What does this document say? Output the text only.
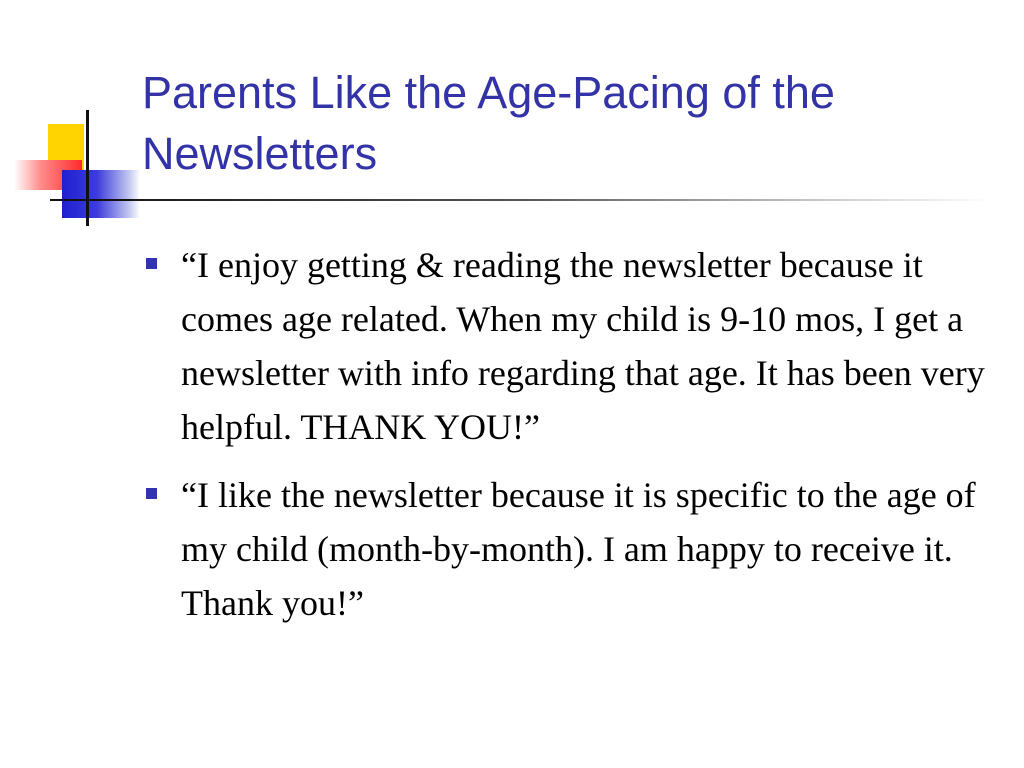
Parents Like the Age-Pacing of the Newsletters
“I enjoy getting & reading the newsletter because it comes age related. When my child is 9-10 mos, I get a newsletter with info regarding that age. It has been very helpful. THANK YOU!”
“I like the newsletter because it is specific to the age of my child (month-by-month). I am happy to receive it. Thank you!”
